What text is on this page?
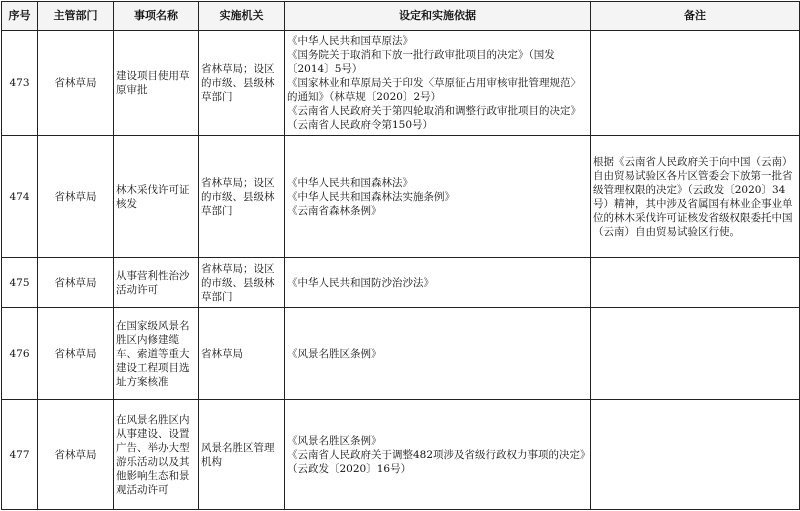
序号	主管部门	事项名称	实施机关	设定和实施依据	备注
473	省林草局	建设项目使用草原审批	省林草局；设区的市级、县级林草部门	《中华人民共和国草原法》
《国务院关于取消和下放一批行政审批项目的决定》（国发〔2014〕5号）
《国家林业和草原局关于印发〈草原征占用审核审批管理规范〉的通知》（林草规〔2020〕2号）
《云南省人民政府关于第四轮取消和调整行政审批项目的决定》（云南省人民政府令第150号）	

474	省林草局	林木采伐许可证核发	省林草局；设区的市级、县级林草部门	《中华人民共和国森林法》
《中华人民共和国森林法实施条例》
《云南省森林条例》	根据《云南省人民政府关于向中国（云南）自由贸易试验区各片区管委会下放第一批省级管理权限的决定》（云政发〔2020〕34号）精神，其中涉及省属国有林业企事业单位的林木采伐许可证核发省级权限委托中国（云南）自由贸易试验区行使。
475	省林草局	从事营利性治沙活动许可	省林草局；设区的市级、县级林草部门	《中华人民共和国防沙治沙法》	

476	省林草局	在国家级风景名胜区内修建缆车、索道等重大建设工程项目选址方案核准	省林草局	《风景名胜区条例》	

477	省林草局	在风景名胜区内从事建设、设置广告、举办大型游乐活动以及其他影响生态和景观活动许可	风景名胜区管理机构	《风景名胜区条例》
《云南省人民政府关于调整482项涉及省级行政权力事项的决定》（云政发〔2020〕16号）	
